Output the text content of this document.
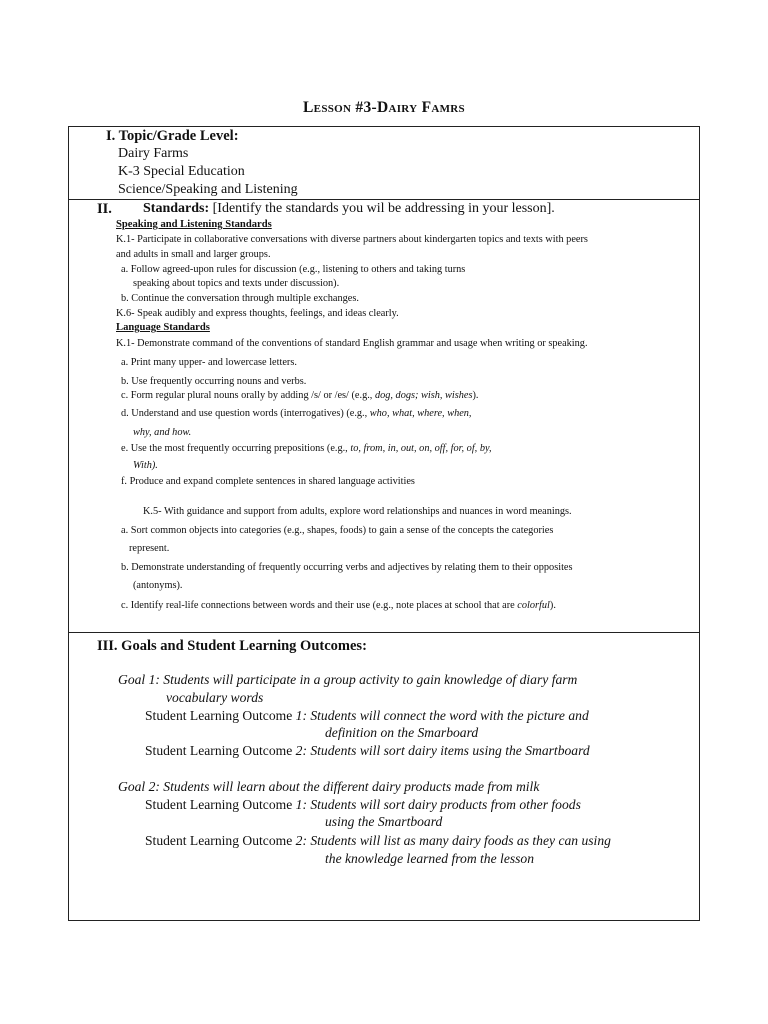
Lesson #3-Dairy Famrs
I. Topic/Grade Level:
Dairy Farms
K-3 Special Education
Science/Speaking and Listening
II. Standards: [Identify the standards you wil be addressing in your lesson].
Speaking and Listening Standards
K.1- Participate in collaborative conversations with diverse partners about kindergarten topics and texts with peers
and adults in small and larger groups.
a. Follow agreed-upon rules for discussion (e.g., listening to others and taking turns
speaking about topics and texts under discussion).
b. Continue the conversation through multiple exchanges.
K.6- Speak audibly and express thoughts, feelings, and ideas clearly.
Language Standards
K.1- Demonstrate command of the conventions of standard English grammar and usage when writing or speaking.
a. Print many upper- and lowercase letters.
b. Use frequently occurring nouns and verbs.
c. Form regular plural nouns orally by adding /s/ or /es/ (e.g., dog, dogs; wish, wishes).
d. Understand and use question words (interrogatives) (e.g., who, what, where, when,
why, and how.
e. Use the most frequently occurring prepositions (e.g., to, from, in, out, on, off, for, of, by,
With).
f. Produce and expand complete sentences in shared language activities
K.5- With guidance and support from adults, explore word relationships and nuances in word meanings.
a. Sort common objects into categories (e.g., shapes, foods) to gain a sense of the concepts the categories
represent.
b. Demonstrate understanding of frequently occurring verbs and adjectives by relating them to their opposites
(antonyms).
c. Identify real-life connections between words and their use (e.g., note places at school that are colorful).
III. Goals and Student Learning Outcomes:
Goal 1: Students will participate in a group activity to gain knowledge of diary farm
vocabulary words
Student Learning Outcome 1: Students will connect the word with the picture and
definition on the Smarboard
Student Learning Outcome 2: Students will sort dairy items using the Smartboard
Goal 2: Students will learn about the different dairy products made from milk
Student Learning Outcome 1: Students will sort dairy products from other foods
using the Smartboard
Student Learning Outcome 2: Students will list as many dairy foods as they can using
the knowledge learned from the lesson
